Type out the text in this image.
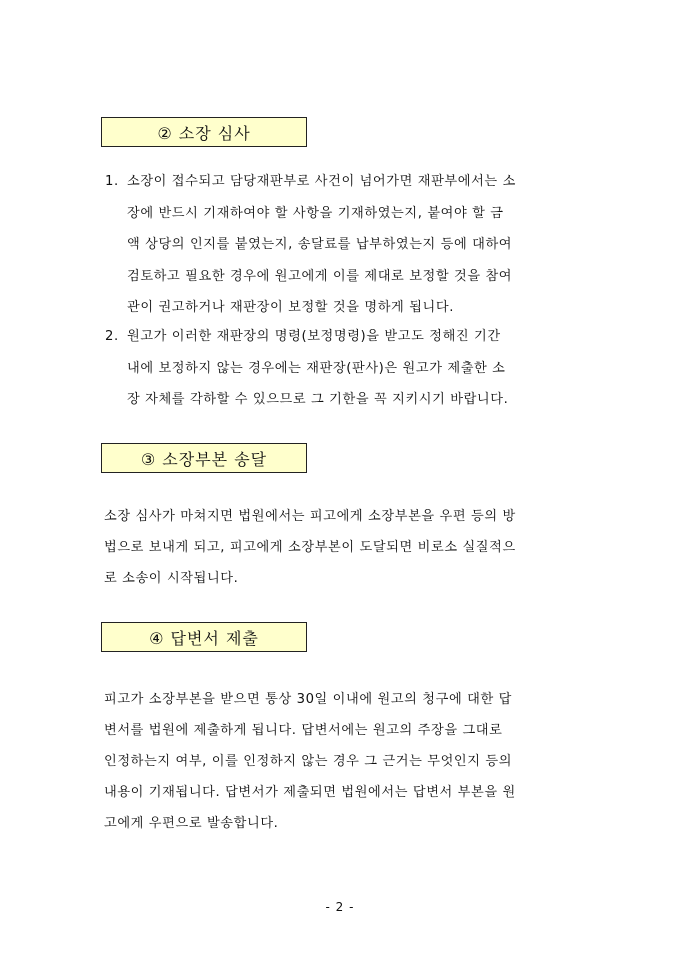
② 소장 심사
1. 소장이 접수되고 담당재판부로 사건이 넘어가면 재판부에서는 소
장에 반드시 기재하여야 할 사항을 기재하였는지, 붙여야 할 금
액 상당의 인지를 붙였는지, 송달료를 납부하였는지 등에 대하여
검토하고 필요한 경우에 원고에게 이를 제대로 보정할 것을 참여
관이 권고하거나 재판장이 보정할 것을 명하게 됩니다.
2. 원고가 이러한 재판장의 명령(보정명령)을 받고도 정해진 기간
내에 보정하지 않는 경우에는 재판장(판사)은 원고가 제출한 소
장 자체를 각하할 수 있으므로 그 기한을 꼭 지키시기 바랍니다.
③ 소장부본 송달
소장 심사가 마쳐지면 법원에서는 피고에게 소장부본을 우편 등의 방
법으로 보내게 되고, 피고에게 소장부본이 도달되면 비로소 실질적으
로 소송이 시작됩니다.
④ 답변서 제출
피고가 소장부본을 받으면 통상 30일 이내에 원고의 청구에 대한 답
변서를 법원에 제출하게 됩니다. 답변서에는 원고의 주장을 그대로
인정하는지 여부, 이를 인정하지 않는 경우 그 근거는 무엇인지 등의
내용이 기재됩니다. 답변서가 제출되면 법원에서는 답변서 부본을 원
고에게 우편으로 발송합니다.
- 2 -
